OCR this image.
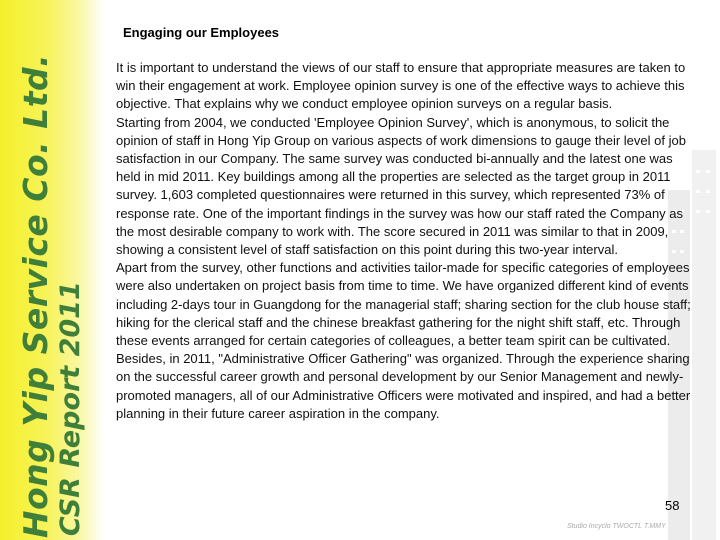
Hong Yip Service Co. Ltd. CSR Report 2011
Engaging our Employees

It is important to understand the views of our staff to ensure that appropriate measures are taken to win their engagement at work. Employee opinion survey is one of the effective ways to achieve this objective. That explains why we conduct employee opinion surveys on a regular basis.

Starting from 2004, we conducted 'Employee Opinion Survey', which is anonymous, to solicit the opinion of staff in Hong Yip Group on various aspects of work dimensions to gauge their level of job satisfaction in our Company. The same survey was conducted bi-annually and the latest one was held in mid 2011. Key buildings among all the properties are selected as the target group in 2011 survey. 1,603 completed questionnaires were returned in this survey, which represented 73% of response rate. One of the important findings in the survey was how our staff rated the Company as the most desirable company to work with. The score secured in 2011 was similar to that in 2009, showing a consistent level of staff satisfaction on this point during this two-year interval.

Apart from the survey, other functions and activities tailor-made for specific categories of employees were also undertaken on project basis from time to time. We have organized different kind of events including 2-days tour in Guangdong for the managerial staff; sharing section for the club house staff; hiking for the clerical staff and the chinese breakfast gathering for the night shift staff, etc. Through these events arranged for certain categories of colleagues, a better team spirit can be cultivated. Besides, in 2011, "Administrative Officer Gathering" was organized. Through the experience sharing on the successful career growth and personal development by our Senior Management and newly-promoted managers, all of our Administrative Officers were motivated and inspired, and had a better planning in their future career aspiration in the company.

58
Studio Incyclo TWOCTL T.MMY
